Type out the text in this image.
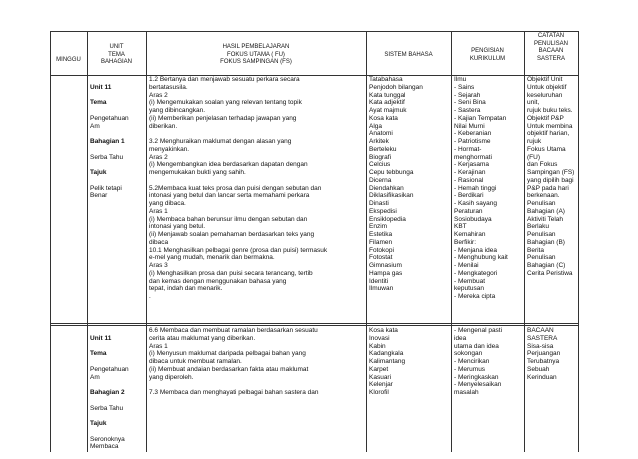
MINGGU
UNIT
TEMA
BAHAGIAN
HASIL PEMBELAJARAN
FOKUS UTAMA ( FU)
FOKUS SAMPINGAN (FS)
SISTEM BAHASA
PENGISIAN
KURIKULUM
CATATAN
PENULISAN
BACAAN
SASTERA

Unit 11

Tema

Pengetahuan
Am

Bahagian 1

Serba Tahu

Tajuk

Pelik tetapi
Benar

1.2 Bertanya dan menjawab sesuatu perkara secara
bertatasusila.
Aras 2
(i) Mengemukakan soalan yang relevan tentang topik
yang dibincangkan.
(ii) Memberikan penjelasan terhadap jawapan yang
diberikan.

3.2 Menghuraikan maklumat dengan alasan yang
menyakinkan.
Aras 2
(i) Mengembangkan idea berdasarkan dapatan dengan
mengemukakan bukti yang sahih.

5.2Membaca kuat teks prosa dan puisi dengan sebutan dan
intonasi yang betul dan lancar serta memahami perkara
yang dibaca.
Aras 1
(i) Membaca bahan berunsur ilmu dengan sebutan dan
intonasi yang betul.
(ii) Menjawab soalan pemahaman berdasarkan teks yang
dibaca
10.1 Menghasilkan pelbagai genre (prosa dan puisi) termasuk
e-mel yang mudah, menarik dan bermakna.
Aras 3
(i) Menghasilkan prosa dan puisi secara terancang, tertib
dan kemas dengan menggunakan bahasa yang
tepat, indah dan menarik.
.
Tatabahasa
Penjodoh bilangan
Kata tunggal
Kata adjektif
Ayat majmuk
Kosa kata
Alga
Anatomi
Arkitek
Berteleku
Biografi
Celcius
Cepu tebbunga
Dicerna
Diendahkan
Diklasifikasikan
Dinasti
Ekspedisi
Ensiklopedia
Enzim
Estetika
Filamen
Fotokopi
Fotostat
Gimnasium
Hampa gas
Identiti
Ilmuwan
Ilmu
- Sains
- Sejarah
- Seni Bina
- Sastera
- Kajian Tempatan
Nilai Murni
- Keberanian
- Patriotisme
- Hormat-
menghormati
- Kerjasama
- Kerajinan
- Rasional
- Hemah tinggi
- Berdikari
- Kasih sayang
Peraturan
Sosiobudaya
KBT
Kemahiran
Berfikir:
- Menjana idea
- Menghubung kait
- Menilai
- Mengkategori
- Membuat
keputusan
- Mereka cipta
Objektif Unit
Untuk objektif
keseluruhan
unit,
rujuk buku teks.
Objektif P&P
Untuk membina
objektif harian,
rujuk
Fokus Utama
(FU)
dan Fokus
Sampingan (FS)
yang dipilih bagi
P&P pada hari
berkenaan.
Penulisan
Bahagian (A)
Aktiviti Telah
Berlaku
Penulisan
Bahagian (B)
Berita
Penulisan
Bahagian (C)
Cerita Peristiwa

Unit 11

Tema

Pengetahuan
Am

Bahagian 2

Serba Tahu

Tajuk

Seronoknya
Membaca

6.6 Membaca dan membuat ramalan berdasarkan sesuatu
cerita atau maklumat yang diberikan.
Aras 1
(i) Menyusun maklumat daripada pelbagai bahan yang
dibaca untuk membuat ramalan.
(ii) Membuat andaian berdasarkan fakta atau maklumat
yang diperoleh.

7.3 Membaca dan menghayati pelbagai bahan sastera dan
Kosa kata
Inovasi
Kabin
Kadangkala
Kalimantang
Karpet
Kasuari
Kelenjar
Klorofil
- Mengenal pasti
idea
utama dan idea
sokongan
- Mencirikan
- Merumus
- Meringkaskan
- Menyelesaikan
masalah
BACAAN
SASTERA
Sisa-sisa
Perjuangan
Terubatnya
Sebuah
Kerinduan
